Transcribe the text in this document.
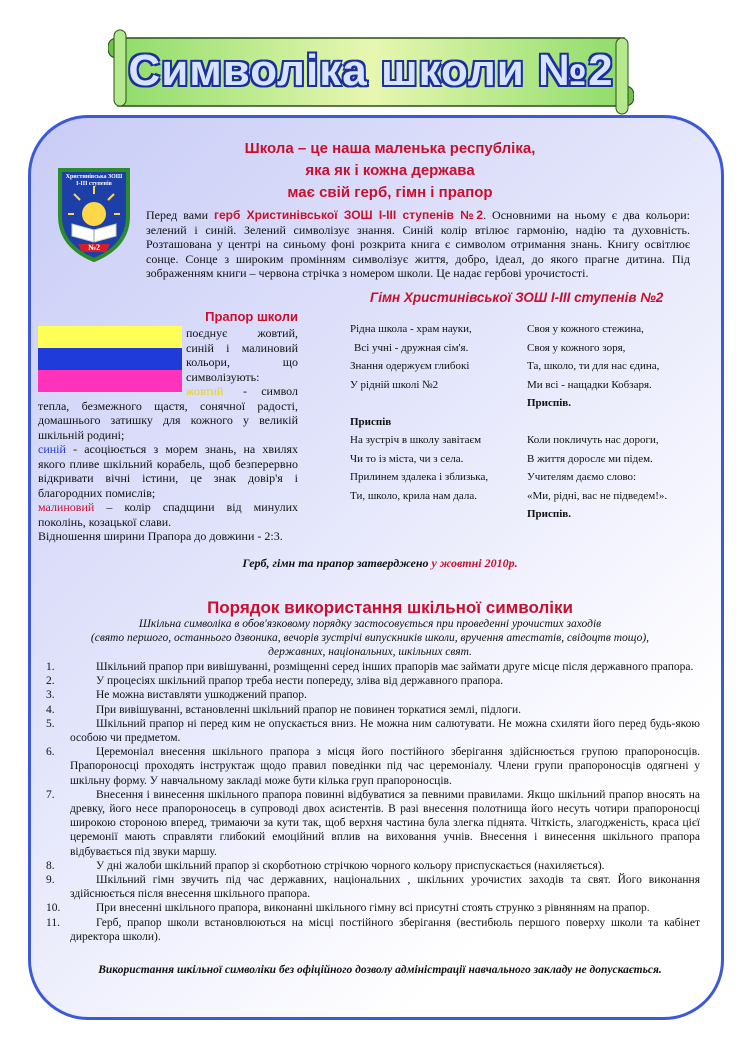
Символіка школи №2
Школа – це наша маленька республіка,
яка як і кожна держава
має свій герб, гімн і прапор
Христинівська ЗОШ
І-ІІІ ступенів
№2
Перед вами герб Христинівської ЗОШ І-ІІІ ступенів №2. Основними на ньому є два кольори: зелений і синій. Зелений символізує знання. Синій колір втілює гармонію, надію та духовність. Розташована у центрі на синьому фоні розкрита книга є символом отримання знань. Книгу освітлює сонце. Сонце з широким промінням символізує життя, добро, ідеал, до якого прагне дитина. Під зображенням книги – червона стрічка з номером школи. Це надає гербові урочистості.
Гімн Христинівської ЗОШ І-ІІІ ступенів №2
Прапор школи
поєднує жовтий, синій і малиновий кольори, що символізують:
жовтий	- символ тепла, безмежного щастя, сонячної радості, домашнього затишку для кожного у великій шкільній родині;
синій - асоціюється з морем знань, на хвилях якого пливе шкільний корабель, щоб безперервно відкривати вічні істини, це знак довір'я і благородних помислів;
малиновий – колір спадщини від минулих поколінь, козацької слави.
Відношення ширини Прапора до довжини - 2:3.

Рідна школа - храм науки,

Всі учні - дружная сім'я.

Знання одержуєм глибокі

У рідній школі №2

Приспів

На зустріч в школу завітаєм

Чи то із міста, чи з села.

Прилинем здалека і зблизька,

Ти, школо, крила нам дала.

Своя у кожного стежина,

Своя у кожного зоря,

Та, школо, ти для нас єдина,

Ми всі - нащадки Кобзаря.

Приспів.

Коли покличуть нас дороги,

В життя дорослє ми підем.

Учителям даємо слово:

«Ми, рідні, вас не підведем!».

Приспів.

Герб, гімн та прапор затверджено у жовтні 2010р.
Порядок використання шкільної символіки
Шкільна символіка в обов'язковому порядку застосовується при проведенні урочистих заходів
(свято першого, останнього дзвоника, вечорів зустрічі випускників школи, вручення атестатів, свідоцтв тощо),
державних, національних, шкільних свят.
1.	Шкільний прапор при вивішуванні, розміщенні серед інших прапорів має займати друге місце після державного прапора.
2.	У процесіях шкільний прапор треба нести попереду, зліва від державного прапора.
3.	Не можна виставляти ушкоджений прапор.
4.	При вивішуванні, встановленні шкільний прапор не повинен торкатися землі, підлоги.
5.	Шкільний прапор ні перед ким не опускається вниз. Не можна ним салютувати. Не можна схиляти його перед будь-якою особою чи предметом.
6.	Церемоніал внесення шкільного прапора з місця його постійного зберігання здійснюється групою прапороносців. Прапороносці проходять інструктаж щодо правил поведінки під час церемоніалу. Члени групи прапороносців одягнені у шкільну форму. У навчальному закладі може бути кілька груп прапороносців.
7.	Внесення і винесення шкільного прапора повинні відбуватися за певними правилами. Якщо шкільний прапор вносять на древку, його несе прапороносець в супроводі двох асистентів. В разі внесення полотнища його несуть чотири прапороносці широкою стороною вперед, тримаючи за кути так, щоб верхня частина була злегка піднята. Чіткість, злагодженість, краса цієї церемонії мають справляти глибокий емоційний вплив на виховання учнів. Внесення і винесення шкільного прапора відбувається під звуки маршу.
8.	У дні жалоби шкільний прапор зі скорботною стрічкою чорного кольору приспускається (нахиляється).
9.	Шкільний гімн звучить під час державних, національних , шкільних урочистих заходів та свят. Його виконання здійснюється після внесення шкільного прапора.
10.	При внесенні шкільного прапора, виконанні шкільного гімну всі присутні стоять струнко з рівнянням на прапор.
11.	Герб, прапор школи встановлюються на місці постійного зберігання (вестибюль першого поверху школи та кабінет директора школи).
Використання шкільної символіки без офіційного дозволу адміністрації навчального закладу не допускається.
